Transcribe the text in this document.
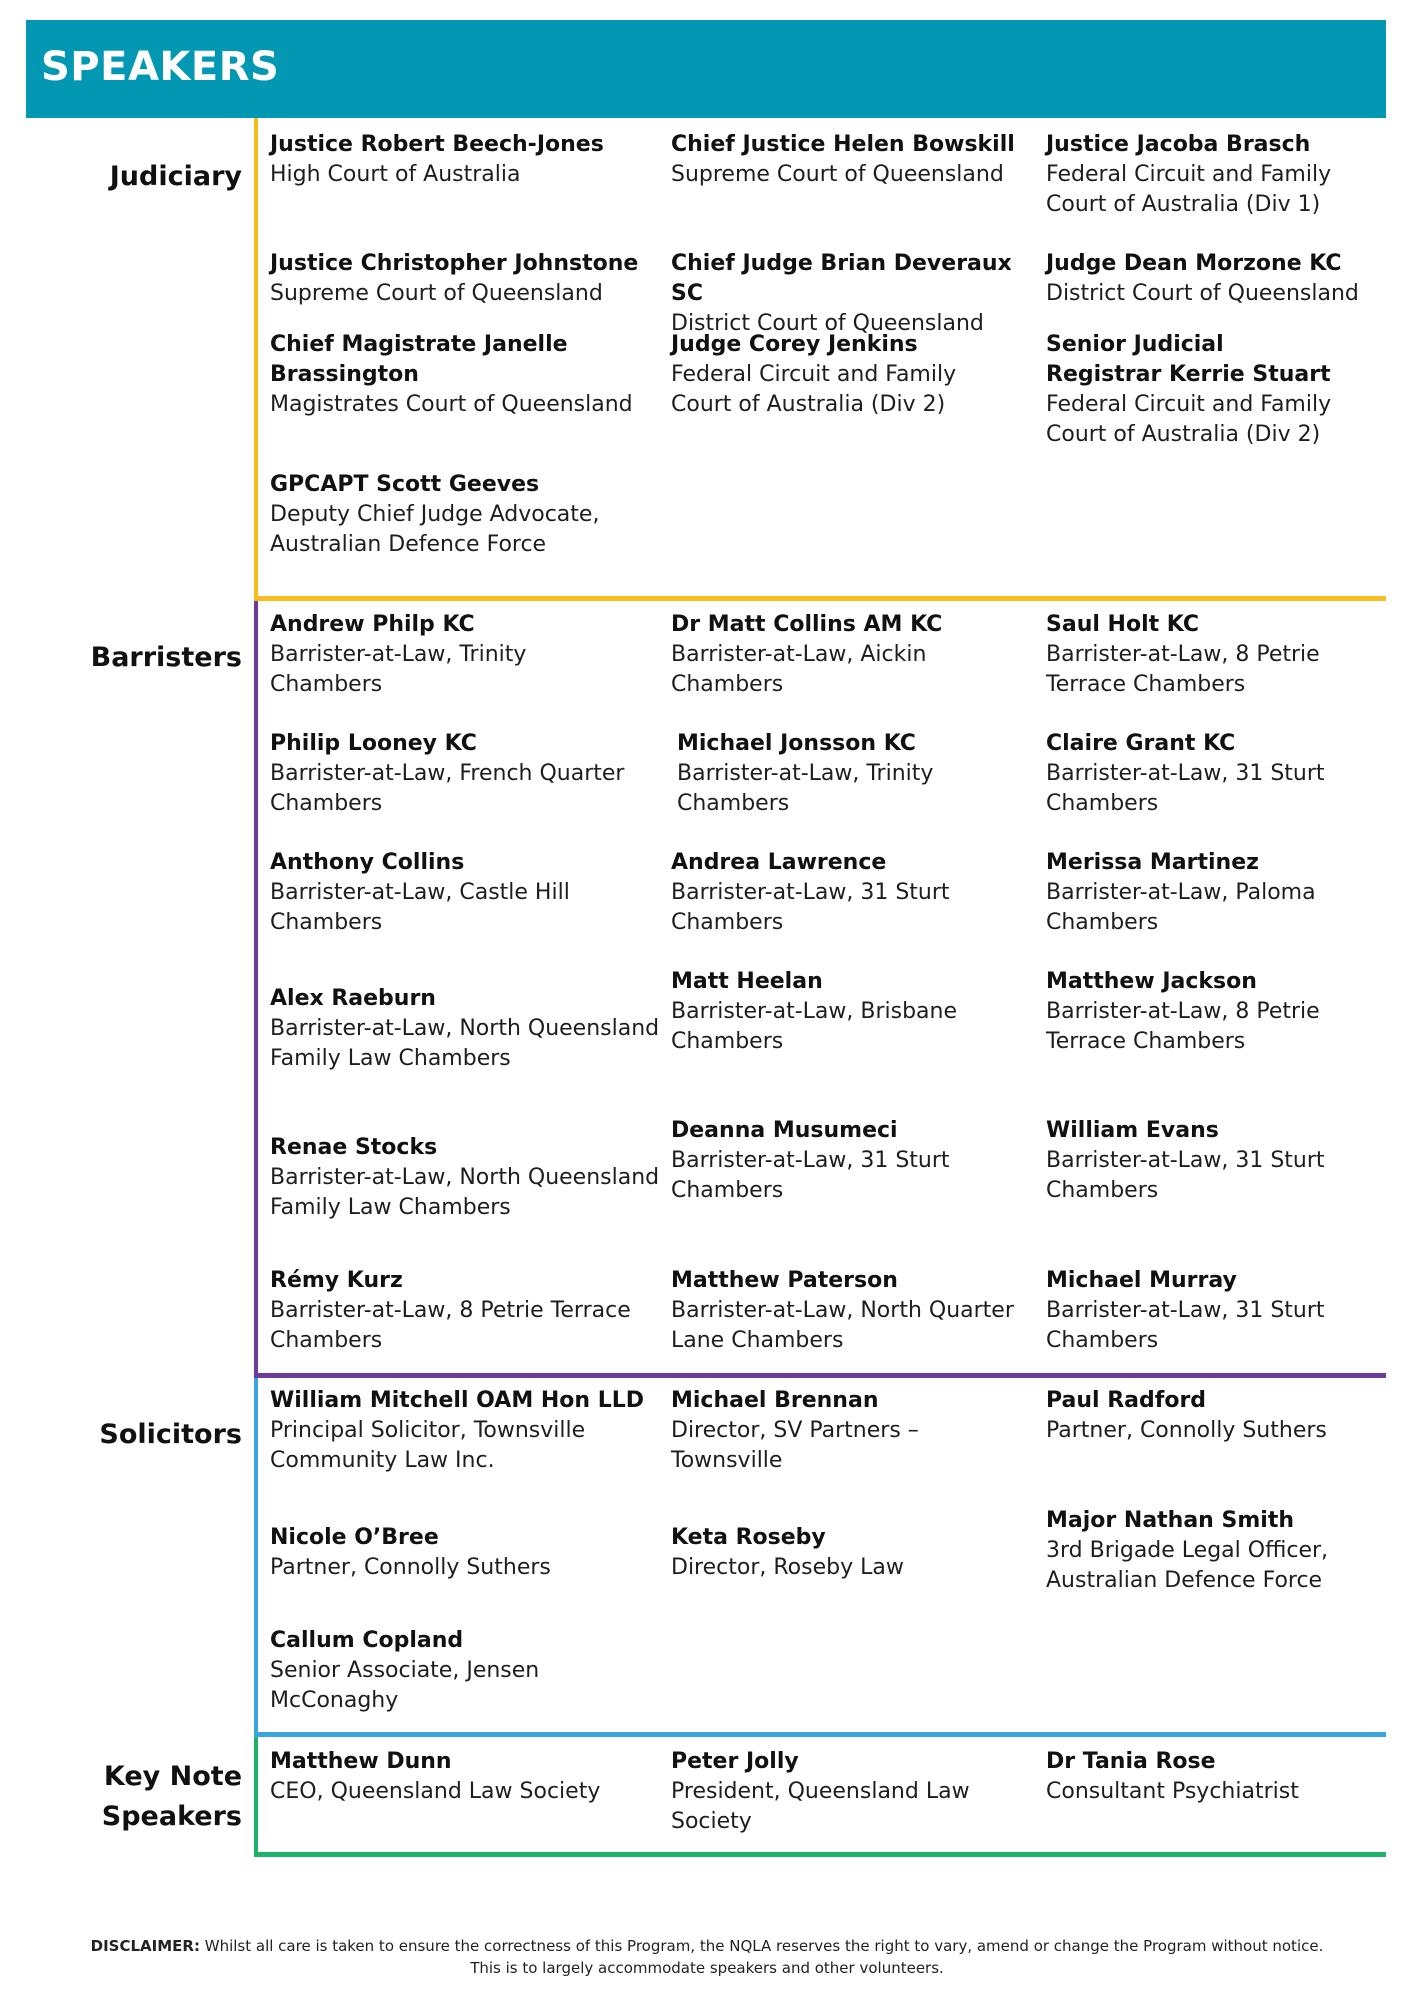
SPEAKERS
Judiciary
Barristers
Solicitors
Key Note
Speakers
Justice Robert Beech-Jones
High Court of Australia
Chief Justice Helen Bowskill
Supreme Court of Queensland
Justice Jacoba Brasch
Federal Circuit and Family Court of Australia (Div 1)
Justice Christopher Johnstone
Supreme Court of Queensland
Chief Judge Brian Deveraux SC
District Court of Queensland
Judge Dean Morzone KC
District Court of Queensland
Chief Magistrate Janelle Brassington
Magistrates Court of Queensland
Judge Corey Jenkins
Federal Circuit and Family Court of Australia (Div 2)
Senior Judicial Registrar Kerrie Stuart
Federal Circuit and Family Court of Australia (Div 2)
GPCAPT Scott Geeves
Deputy Chief Judge Advocate, Australian Defence Force
Andrew Philp KC
Barrister-at-Law, Trinity Chambers
Dr Matt Collins AM KC
Barrister-at-Law, Aickin Chambers
Saul Holt KC
Barrister-at-Law, 8 Petrie Terrace Chambers
Philip Looney KC
Barrister-at-Law, French Quarter Chambers
Michael Jonsson KC
Barrister-at-Law, Trinity Chambers
Claire Grant KC
Barrister-at-Law, 31 Sturt Chambers
Anthony Collins
Barrister-at-Law, Castle Hill Chambers
Andrea Lawrence
Barrister-at-Law, 31 Sturt Chambers
Merissa Martinez
Barrister-at-Law, Paloma Chambers
Alex Raeburn
Barrister-at-Law, North Queensland Family Law Chambers
Matt Heelan
Barrister-at-Law, Brisbane Chambers
Matthew Jackson
Barrister-at-Law, 8 Petrie Terrace Chambers
Renae Stocks
Barrister-at-Law, North Queensland Family Law Chambers
Deanna Musumeci
Barrister-at-Law, 31 Sturt Chambers
William Evans
Barrister-at-Law, 31 Sturt Chambers
Rémy Kurz
Barrister-at-Law, 8 Petrie Terrace Chambers
Matthew Paterson
Barrister-at-Law, North Quarter Lane Chambers
Michael Murray
Barrister-at-Law, 31 Sturt Chambers
William Mitchell OAM Hon LLD
Principal Solicitor, Townsville Community Law Inc.
Michael Brennan
Director, SV Partners – Townsville
Paul Radford
Partner, Connolly Suthers
Nicole O’Bree
Partner, Connolly Suthers
Keta Roseby
Director, Roseby Law
Major Nathan Smith
3rd Brigade Legal Officer, Australian Defence Force
Callum Copland
Senior Associate, Jensen McConaghy
Matthew Dunn
CEO, Queensland Law Society
Peter Jolly
President, Queensland Law Society
Dr Tania Rose
Consultant Psychiatrist
DISCLAIMER: Whilst all care is taken to ensure the correctness of this Program, the NQLA reserves the right to vary, amend or change the Program without notice.
This is to largely accommodate speakers and other volunteers.
